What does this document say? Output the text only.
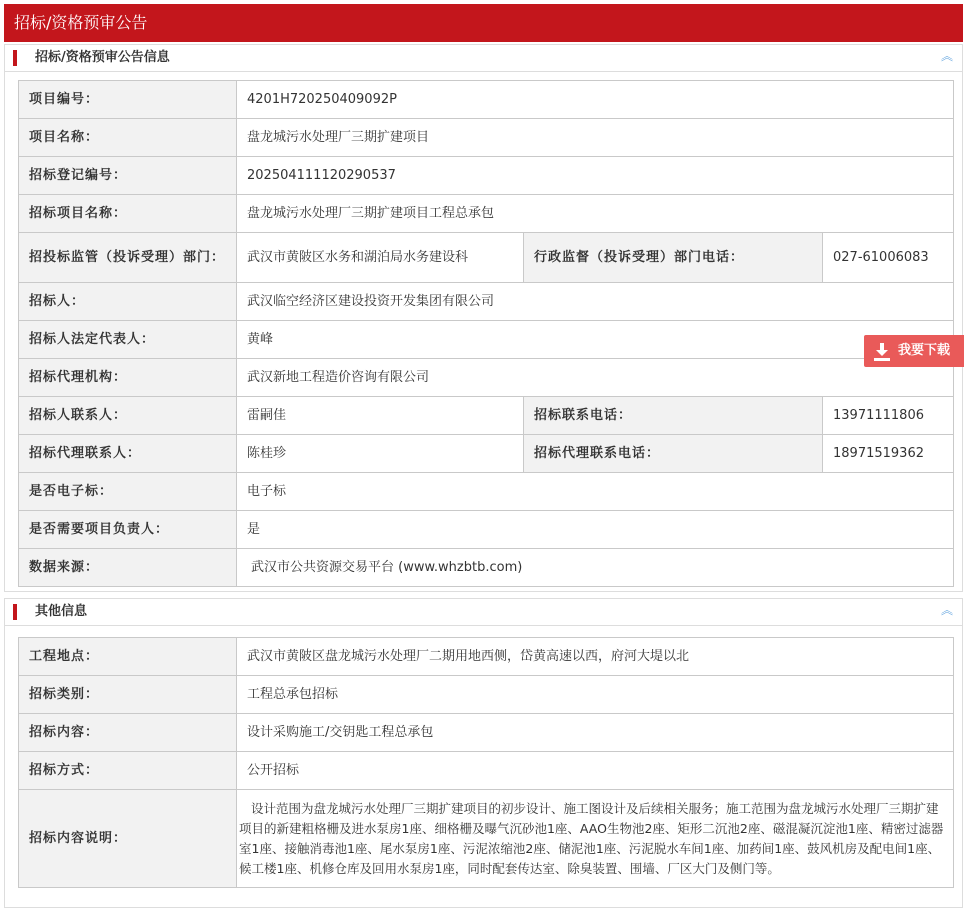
招标/资格预审公告
招标/资格预审公告信息	︽
项目编号：	4201H720250409092P		
项目名称：	盘龙城污水处理厂三期扩建项目		
招标登记编号：	202504111120290537		
招标项目名称：	盘龙城污水处理厂三期扩建项目工程总承包		
招投标监管（投诉受理）部门：	武汉市黄陂区水务和湖泊局水务建设科	行政监督（投诉受理）部门电话：	027-61006083
招标人：	武汉临空经济区建设投资开发集团有限公司		
招标人法定代表人：	黄峰		
招标代理机构：	武汉新地工程造价咨询有限公司		
招标人联系人：	雷嗣佳	招标联系电话：	13971111806
招标代理联系人：	陈桂珍	招标代理联系电话：	18971519362
是否电子标：	电子标		
是否需要项目负责人：	是		
数据来源：	武汉市公共资源交易平台 (www.whzbtb.com)		
其他信息	︽
工程地点：	武汉市黄陂区盘龙城污水处理厂二期用地西侧，岱黄高速以西，府河大堤以北
招标类别：	工程总承包招标
招标内容：	设计采购施工/交钥匙工程总承包
招标方式：	公开招标
招标内容说明：	设计范围为盘龙城污水处理厂三期扩建项目的初步设计、施工图设计及后续相关服务；施工范围为盘龙城污水处理厂三期扩建项目的新建粗格栅及进水泵房1座、细格栅及曝气沉砂池1座、AAO生物池2座、矩形二沉池2座、磁混凝沉淀池1座、精密过滤器室1座、接触消毒池1座、尾水泵房1座、污泥浓缩池2座、储泥池1座、污泥脱水车间1座、加药间1座、鼓风机房及配电间1座、候工楼1座、机修仓库及回用水泵房1座，同时配套传达室、除臭装置、围墙、厂区大门及侧门等。
我要下载
